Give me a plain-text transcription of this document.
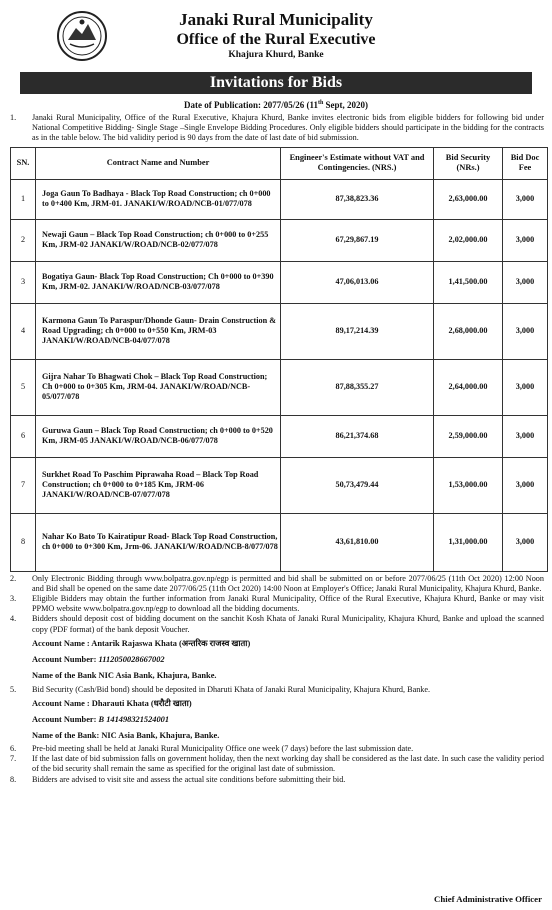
Janaki Rural Municipality
Office of the Rural Executive
Khajura Khurd, Banke
Invitations for Bids
Date of Publication: 2077/05/26 (11th Sept, 2020)
1. Janaki Rural Municipality, Office of the Rural Executive, Khajura Khurd, Banke invites electronic bids from eligible bidders for following bid under National Competitive Bidding- Single Stage –Single Envelope Bidding Procedures. Only eligible bidders should participate in the bidding for the contracts as in the table below. The bid validity period is 90 days from the date of last date of bid submission.
SN.	Contract Name and Number	Engineer's Estimate without VAT and Contingencies. (NRS.)	Bid Security (NRs.)	Bid Doc Fee
1	Joga Gaun To Badhaya - Black Top Road Construction; ch 0+000 to 0+400 Km, JRM-01. JANAKI/W/ROAD/NCB-01/077/078	87,38,823.36	2,63,000.00	3,000
2	Newaji Gaun – Black Top Road Construction; ch 0+000 to 0+255 Km, JRM-02 JANAKI/W/ROAD/NCB-02/077/078	67,29,867.19	2,02,000.00	3,000
3	Bogatiya Gaun- Black Top Road Construction; Ch 0+000 to 0+390 Km, JRM-02. JANAKI/W/ROAD/NCB-03/077/078	47,06,013.06	1,41,500.00	3,000
4	Karmona Gaun To Paraspur/Dhonde Gaun- Drain Construction & Road Upgrading; ch 0+000 to 0+550 Km, JRM-03 JANAKI/W/ROAD/NCB-04/077/078	89,17,214.39	2,68,000.00	3,000
5	Gijra Nahar To Bhagwati Chok – Black Top Road Construction; Ch 0+000 to 0+305 Km, JRM-04. JANAKI/W/ROAD/NCB-05/077/078	87,88,355.27	2,64,000.00	3,000
6	Guruwa Gaun – Black Top Road Construction; ch 0+000 to 0+520 Km, JRM-05 JANAKI/W/ROAD/NCB-06/077/078	86,21,374.68	2,59,000.00	3,000
7	Surkhet Road To Paschim Piprawaha Road – Black Top Road Construction; ch 0+000 to 0+185 Km, JRM-06 JANAKI/W/ROAD/NCB-07/077/078	50,73,479.44	1,53,000.00	3,000
8	Nahar Ko Bato To Kairatipur Road- Black Top Road Construction, ch 0+000 to 0+300 Km, Jrm-06. JANAKI/W/ROAD/NCB-8/077/078	43,61,810.00	1,31,000.00	3,000
2. Only Electronic Bidding through www.bolpatra.gov.np/egp is permitted and bid shall be submitted on or before 2077/06/25 (11th Oct 2020) 12:00 Noon and Bid shall be opened on the same date 2077/06/25 (11th Oct 2020) 14:00 Noon at Employer's Office; Janaki Rural Municipality, Khajura Khurd, Banke.
3. Eligible Bidders may obtain the further information from Janaki Rural Municipality, Office of the Rural Executive, Khajura Khurd, Banke or may visit PPMO website www.bolpatra.gov.np/egp to download all the bidding documents.
4. Bidders should deposit cost of bidding document on the sanchit Kosh Khata of Janaki Rural Municipality, Khajura Khurd, Banke and upload the scanned copy (PDF format) of the bank deposit Voucher.
Account Name : Antarik Rajaswa Khata (अन्तरिक राजस्व खाता)
Account Number: 1112050028667002
Name of the Bank NIC Asia Bank, Khajura, Banke.
5. Bid Security (Cash/Bid bond) should be deposited in Dharuti Khata of Janaki Rural Municipality, Khajura Khurd, Banke.
Account Name : Dharauti Khata (धरौटी खाता)
Account Number: B 141498321524001
Name of the Bank: NIC Asia Bank, Khajura, Banke.
6. Pre-bid meeting shall be held at Janaki Rural Municipality Office one week (7 days) before the last submission date.
7. If the last date of bid submission falls on government holiday, then the next working day shall be considered as the last date. In such case the validity period of the bid security shall remain the same as specified for the original last date of submission.
8. Bidders are advised to visit site and assess the actual site conditions before submitting their bid.
Chief Administrative Officer
